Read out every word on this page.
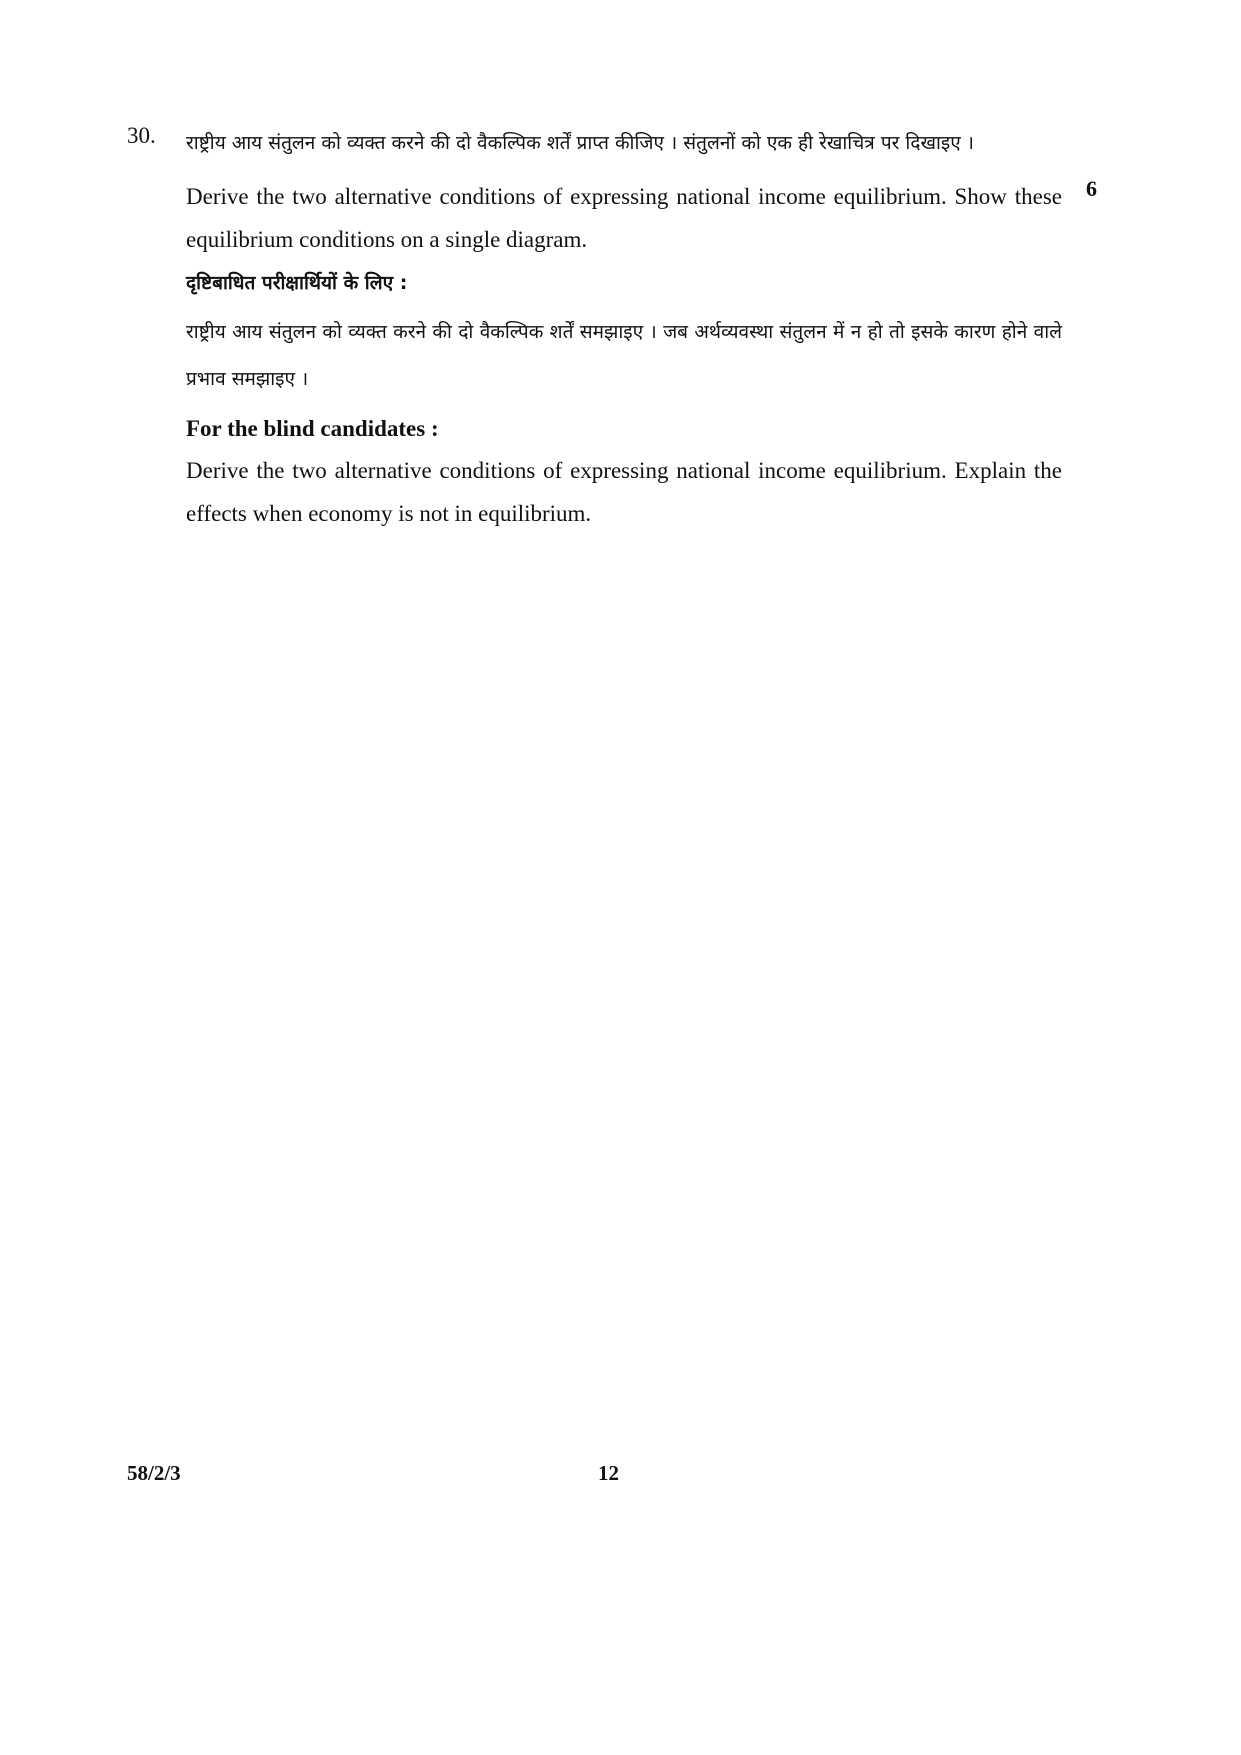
30.
6

राष्ट्रीय आय संतुलन को व्यक्त करने की दो वैकल्पिक शर्तें प्राप्त कीजिए । संतुलनों को एक ही रेखाचित्र पर दिखाइए ।

Derive the two alternative conditions of expressing national income equilibrium. Show these equilibrium conditions on a single diagram.

दृष्टिबाधित परीक्षार्थियों के लिए :

राष्ट्रीय आय संतुलन को व्यक्त करने की दो वैकल्पिक शर्तें समझाइए । जब अर्थव्यवस्था संतुलन में न हो तो इसके कारण होने वाले प्रभाव समझाइए ।

For the blind candidates :

Derive the two alternative conditions of expressing national income equilibrium. Explain the effects when economy is not in equilibrium.

58/2/3	12
